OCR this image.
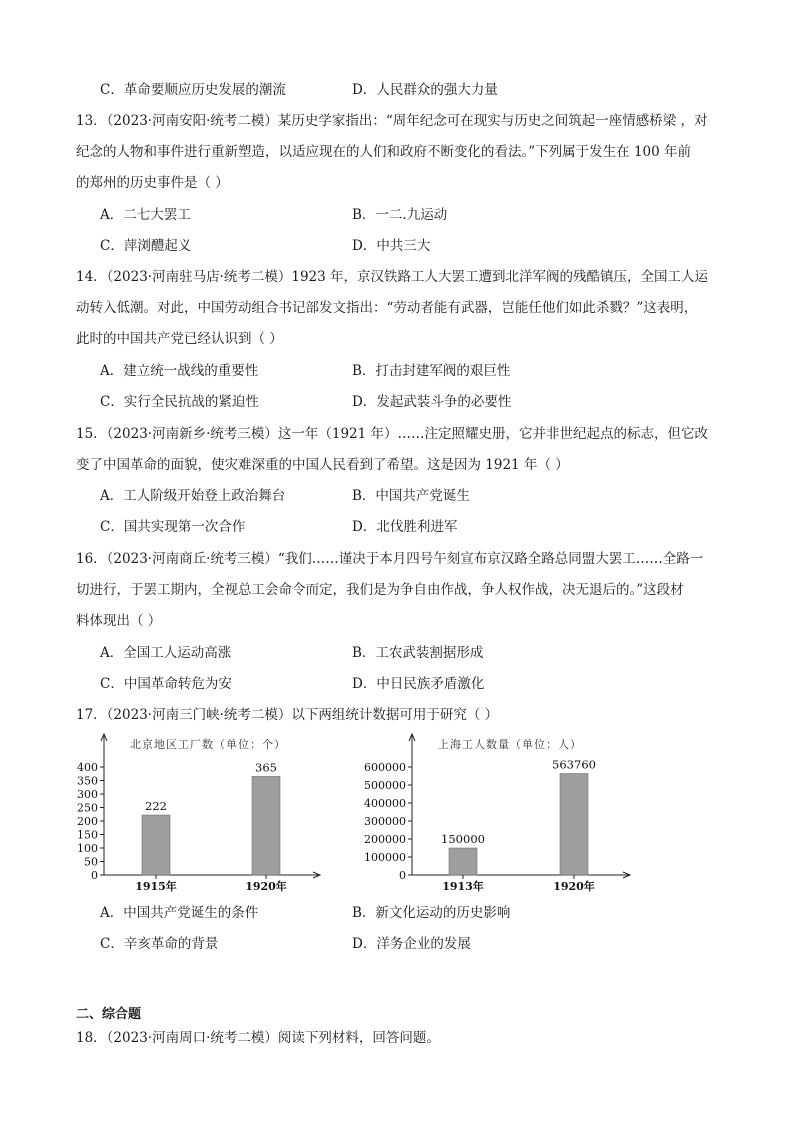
C．革命要顺应历史发展的潮流	D．人民群众的强大力量
13．（2023·河南安阳·统考二模）某历史学家指出：“周年纪念可在现实与历史之间筑起一座情感桥梁 ，对
纪念的人物和事件进行重新塑造，以适应现在的人们和政府不断变化的看法。”下列属于发生在 100 年前
的郑州的历史事件是（ ）
A．二七大罢工	B．一二.九运动
C．萍浏醴起义	D．中共三大
14．（2023·河南驻马店·统考二模）1923 年，京汉铁路工人大罢工遭到北洋军阀的残酷镇压，全国工人运
动转入低潮。对此，中国劳动组合书记部发文指出：“劳动者能有武器，岂能任他们如此杀戮？”这表明，
此时的中国共产党已经认识到（ ）
A．建立统一战线的重要性	B．打击封建军阀的艰巨性
C．实行全民抗战的紧迫性	D．发起武装斗争的必要性
15．（2023·河南新乡·统考三模）这一年（1921 年）……注定照耀史册，它并非世纪起点的标志，但它改
变了中国革命的面貌，使灾难深重的中国人民看到了希望。这是因为 1921 年（ ）
A．工人阶级开始登上政治舞台	B．中国共产党诞生
C．国共实现第一次合作	D．北伐胜利进军
16．（2023·河南商丘·统考三模）“我们……谨决于本月四号午刻宣布京汉路全路总同盟大罢工……全路一
切进行，于罢工期内，全视总工会命令而定，我们是为争自由作战，争人权作战，决无退后的。”这段材
料体现出（ ）
A．全国工人运动高涨	B．工农武装割据形成
C．中国革命转危为安	D．中日民族矛盾激化
17．（2023·河南三门峡·统考二模）以下两组统计数据可用于研究（ ）
北京地区工厂数（单位：个）
0
50
100
150
200
250
300
350
400
222
1915年
365
1920年
上海工人数量（单位：人）
0
100000
200000
300000
400000
500000
600000
150000
1913年
563760
1920年
A．中国共产党诞生的条件	B．新文化运动的历史影响
C．辛亥革命的背景	D．洋务企业的发展
二、综合题
18．（2023·河南周口·统考二模）阅读下列材料，回答问题。
